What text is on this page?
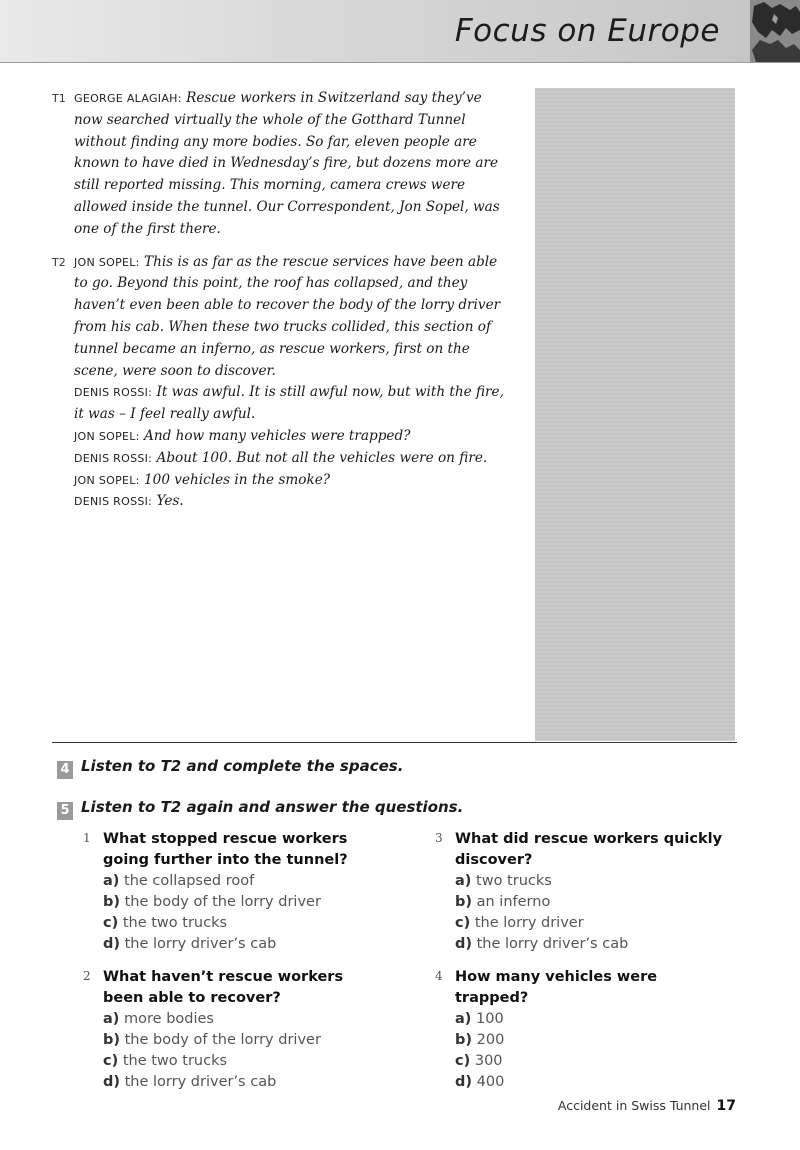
Focus on Europe
T1 GEORGE ALAGIAH: Rescue workers in Switzerland say they’ve now searched virtually the whole of the Gotthard Tunnel without finding any more bodies. So far, eleven people are known to have died in Wednesday’s fire, but dozens more are still reported missing. This morning, camera crews were allowed inside the tunnel. Our Correspondent, Jon Sopel, was one of the first there.

T2 JON SOPEL: This is as far as the rescue services have been able to go. Beyond this point, the roof has collapsed, and they haven’t even been able to recover the body of the lorry driver from his cab. When these two trucks collided, this section of tunnel became an inferno, as rescue workers, first on the scene, were soon to discover.

DENIS ROSSI: It was awful. It is still awful now, but with the fire, it was – I feel really awful.

JON SOPEL: And how many vehicles were trapped?

DENIS ROSSI: About 100. But not all the vehicles were on fire.

JON SOPEL: 100 vehicles in the smoke?

DENIS ROSSI: Yes.

4 Listen to T2 and complete the spaces.
5 Listen to T2 again and answer the questions.
1 What stopped rescue workers going further into the tunnel?
a) the collapsed roof
b) the body of the lorry driver
c) the two trucks
d) the lorry driver’s cab
2 What haven’t rescue workers been able to recover?
a) more bodies
b) the body of the lorry driver
c) the two trucks
d) the lorry driver’s cab
3 What did rescue workers quickly discover?
a) two trucks
b) an inferno
c) the lorry driver
d) the lorry driver’s cab
4 How many vehicles were trapped?
a) 100
b) 200
c) 300
d) 400
Accident in Swiss Tunnel 17
